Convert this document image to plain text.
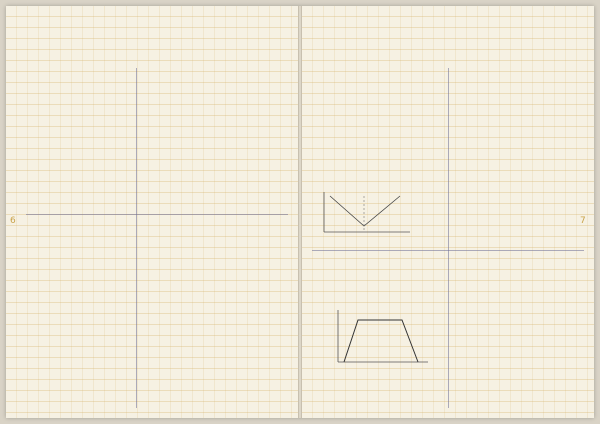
6	7
